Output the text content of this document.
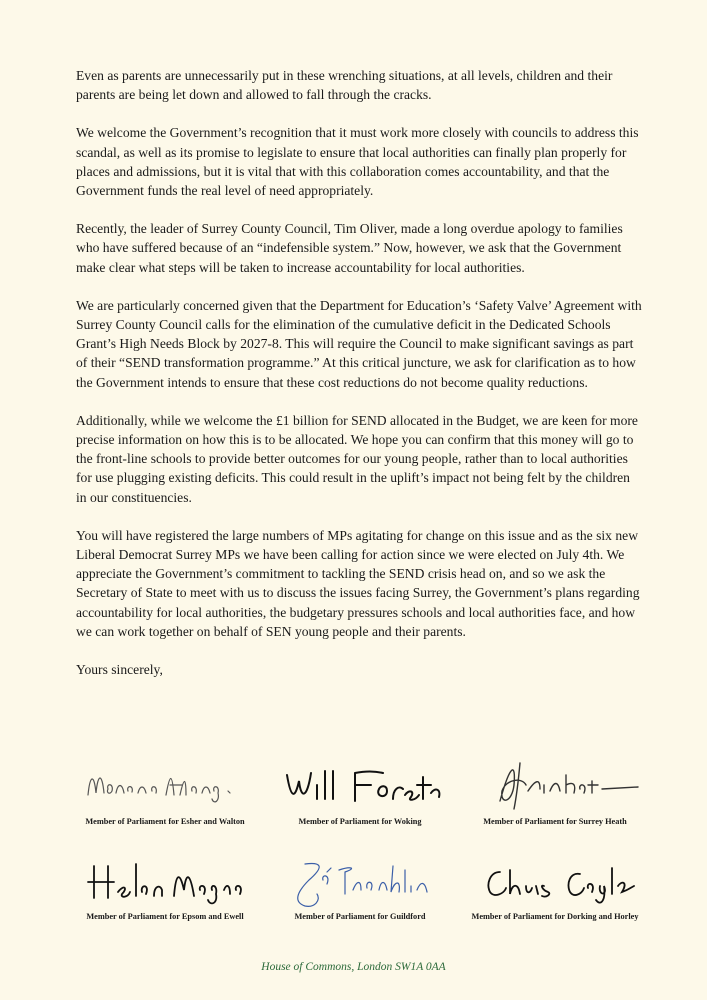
Even as parents are unnecessarily put in these wrenching situations, at all levels, children and their parents are being let down and allowed to fall through the cracks.

We welcome the Government’s recognition that it must work more closely with councils to address this scandal, as well as its promise to legislate to ensure that local authorities can finally plan properly for places and admissions, but it is vital that with this collaboration comes accountability, and that the Government funds the real level of need appropriately.

Recently, the leader of Surrey County Council, Tim Oliver, made a long overdue apology to families who have suffered because of an “indefensible system.” Now, however, we ask that the Government make clear what steps will be taken to increase accountability for local authorities.

We are particularly concerned given that the Department for Education’s ‘Safety Valve’ Agreement with Surrey County Council calls for the elimination of the cumulative deficit in the Dedicated Schools Grant’s High Needs Block by 2027-8. This will require the Council to make significant savings as part of their “SEND transformation programme.” At this critical juncture, we ask for clarification as to how the Government intends to ensure that these cost reductions do not become quality reductions.

Additionally, while we welcome the £1 billion for SEND allocated in the Budget, we are keen for more precise information on how this is to be allocated. We hope you can confirm that this money will go to the front-line schools to provide better outcomes for our young people, rather than to local authorities for use plugging existing deficits. This could result in the uplift’s impact not being felt by the children in our constituencies.

You will have registered the large numbers of MPs agitating for change on this issue and as the six new Liberal Democrat Surrey MPs we have been calling for action since we were elected on July 4th. We appreciate the Government’s commitment to tackling the SEND crisis head on, and so we ask the Secretary of State to meet with us to discuss the issues facing Surrey, the Government’s plans regarding accountability for local authorities, the budgetary pressures schools and local authorities face, and how we can work together on behalf of SEN young people and their parents.

Yours sincerely,

Member of Parliament for Esher and Walton	Member of Parliament for Woking	Member of Parliament for Surrey Heath
Member of Parliament for Epsom and Ewell	Member of Parliament for Guildford	Member of Parliament for Dorking and Horley
House of Commons, London SW1A 0AA
